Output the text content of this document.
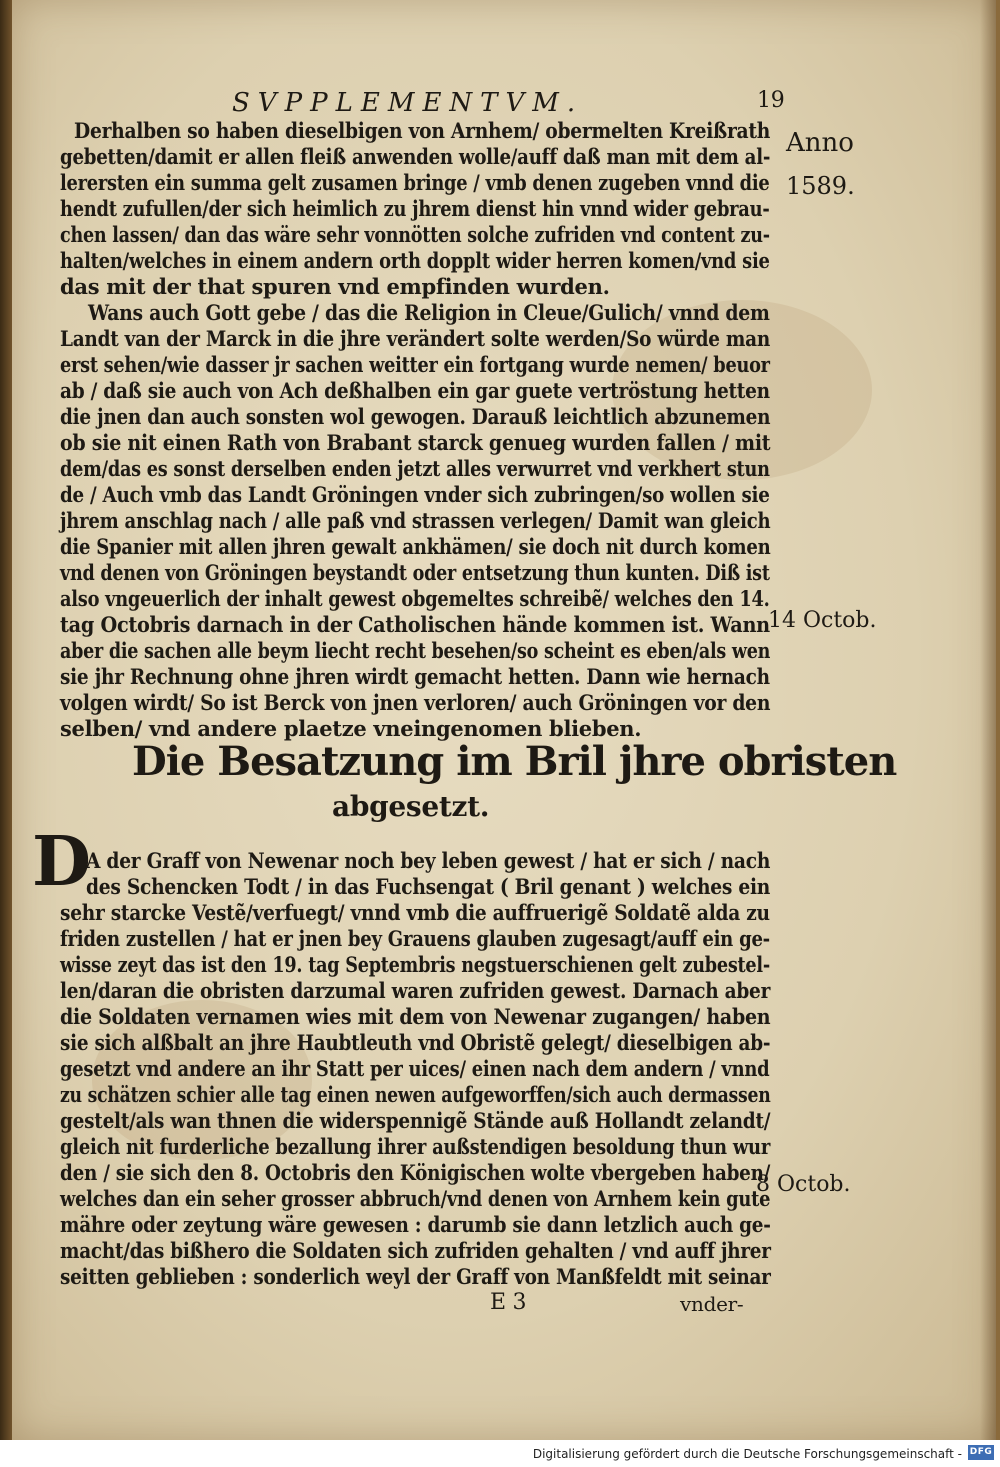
SVPPLEMENTVM.	19
Anno
1589.
14 Octob.
8 Octob.
Derhalben so haben dieselbigen von Arnhem/ obermelten Kreißrath
gebetten/damit er allen fleiß anwenden wolle/auff daß man mit dem al-
lerersten ein summa gelt zusamen bringe / vmb denen zugeben vnnd die
hendt zufullen/der sich heimlich zu jhrem dienst hin vnnd wider gebrau-
chen lassen/ dan das wäre sehr vonnötten solche zufriden vnd content zu-
halten/welches in einem andern orth dopplt wider herren komen/vnd sie
das mit der that spuren vnd empfinden wurden.
Wans auch Gott gebe / das die Religion in Cleue/Gulich/ vnnd dem
Landt van der Marck in die jhre verändert solte werden/So würde man
erst sehen/wie dasser jr sachen weitter ein fortgang wurde nemen/ beuor
ab / daß sie auch von Ach deßhalben ein gar guete vertröstung hetten
die jnen dan auch sonsten wol gewogen. Darauß leichtlich abzunemen
ob sie nit einen Rath von Brabant starck genueg wurden fallen / mit
dem/das es sonst derselben enden jetzt alles verwurret vnd verkhert stun
de / Auch vmb das Landt Gröningen vnder sich zubringen/so wollen sie
jhrem anschlag nach / alle paß vnd strassen verlegen/ Damit wan gleich
die Spanier mit allen jhren gewalt ankhämen/ sie doch nit durch komen
vnd denen von Gröningen beystandt oder entsetzung thun kunten. Diß ist
also vngeuerlich der inhalt gewest obgemeltes schreibẽ/ welches den 14.
tag Octobris darnach in der Catholischen hände kommen ist. Wann
aber die sachen alle beym liecht recht besehen/so scheint es eben/als wen
sie jhr Rechnung ohne jhren wirdt gemacht hetten. Dann wie hernach
volgen wirdt/ So ist Berck von jnen verloren/ auch Gröningen vor den
selben/ vnd andere plaetze vneingenomen blieben.
Die Besatzung im Bril jhre obristen
abgesetzt.
D
A der Graff von Newenar noch bey leben gewest / hat er sich / nach
des Schencken Todt / in das Fuchsengat ( Bril genant ) welches ein
sehr starcke Vestẽ/verfuegt/ vnnd vmb die auffruerigẽ Soldatẽ alda zu
friden zustellen / hat er jnen bey Grauens glauben zugesagt/auff ein ge-
wisse zeyt das ist den 19. tag Septembris negstuerschienen gelt zubestel-
len/daran die obristen darzumal waren zufriden gewest. Darnach aber
die Soldaten vernamen wies mit dem von Newenar zugangen/ haben
sie sich alßbalt an jhre Haubtleuth vnd Obristẽ gelegt/ dieselbigen ab-
gesetzt vnd andere an ihr Statt per uices/ einen nach dem andern / vnnd
zu schätzen schier alle tag einen newen aufgeworffen/sich auch dermassen
gestelt/als wan thnen die widerspennigẽ Stände auß Hollandt zelandt/
gleich nit furderliche bezallung ihrer außstendigen besoldung thun wur
den / sie sich den 8. Octobris den Königischen wolte vbergeben haben/
welches dan ein seher grosser abbruch/vnd denen von Arnhem kein gute
mähre oder zeytung wäre gewesen : darumb sie dann letzlich auch ge-
macht/das bißhero die Soldaten sich zufriden gehalten / vnd auff jhrer
seitten geblieben : sonderlich weyl der Graff von Manßfeldt mit seinar
E 3	vnder-
Digitalisierung gefördert durch die Deutsche Forschungsgemeinschaft - DFG
